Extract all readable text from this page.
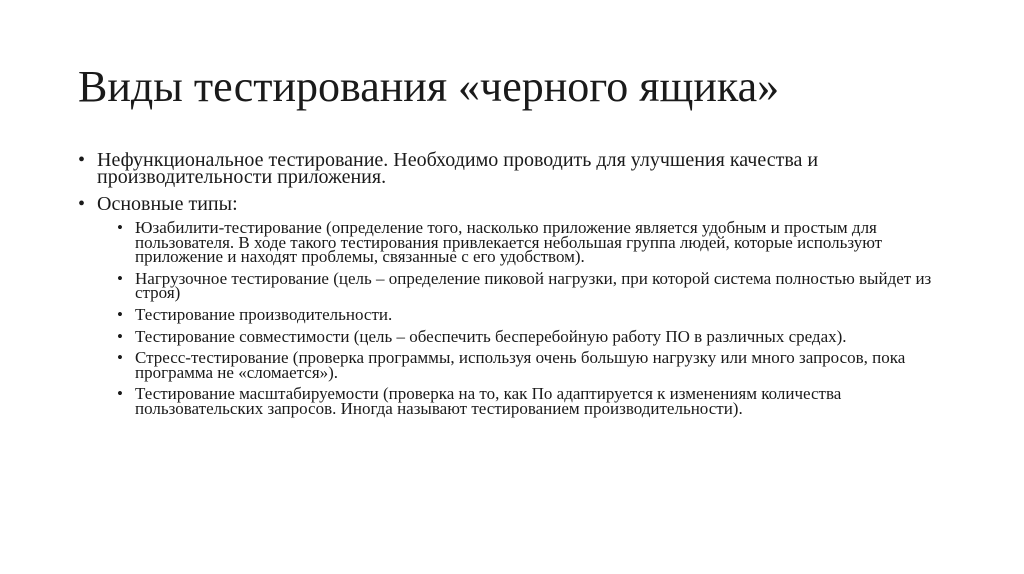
Виды тестирования «черного ящика»
• Нефункциональное тестирование. Необходимо проводить для улучшения качества и производительности приложения.
• Основные типы:
• Юзабилити-тестирование (определение того, насколько приложение является удобным и простым для пользователя. В ходе такого тестирования привлекается небольшая группа людей, которые используют приложение и находят проблемы, связанные с его удобством).
• Нагрузочное тестирование (цель – определение пиковой нагрузки, при которой система полностью выйдет из строя)
• Тестирование производительности.
• Тестирование совместимости (цель – обеспечить бесперебойную работу ПО в различных средах).
• Стресс-тестирование (проверка программы, используя очень большую нагрузку или много запросов, пока программа не «сломается»).
• Тестирование масштабируемости (проверка на то, как По адаптируется к изменениям количества пользовательских запросов. Иногда называют тестированием производительности).
